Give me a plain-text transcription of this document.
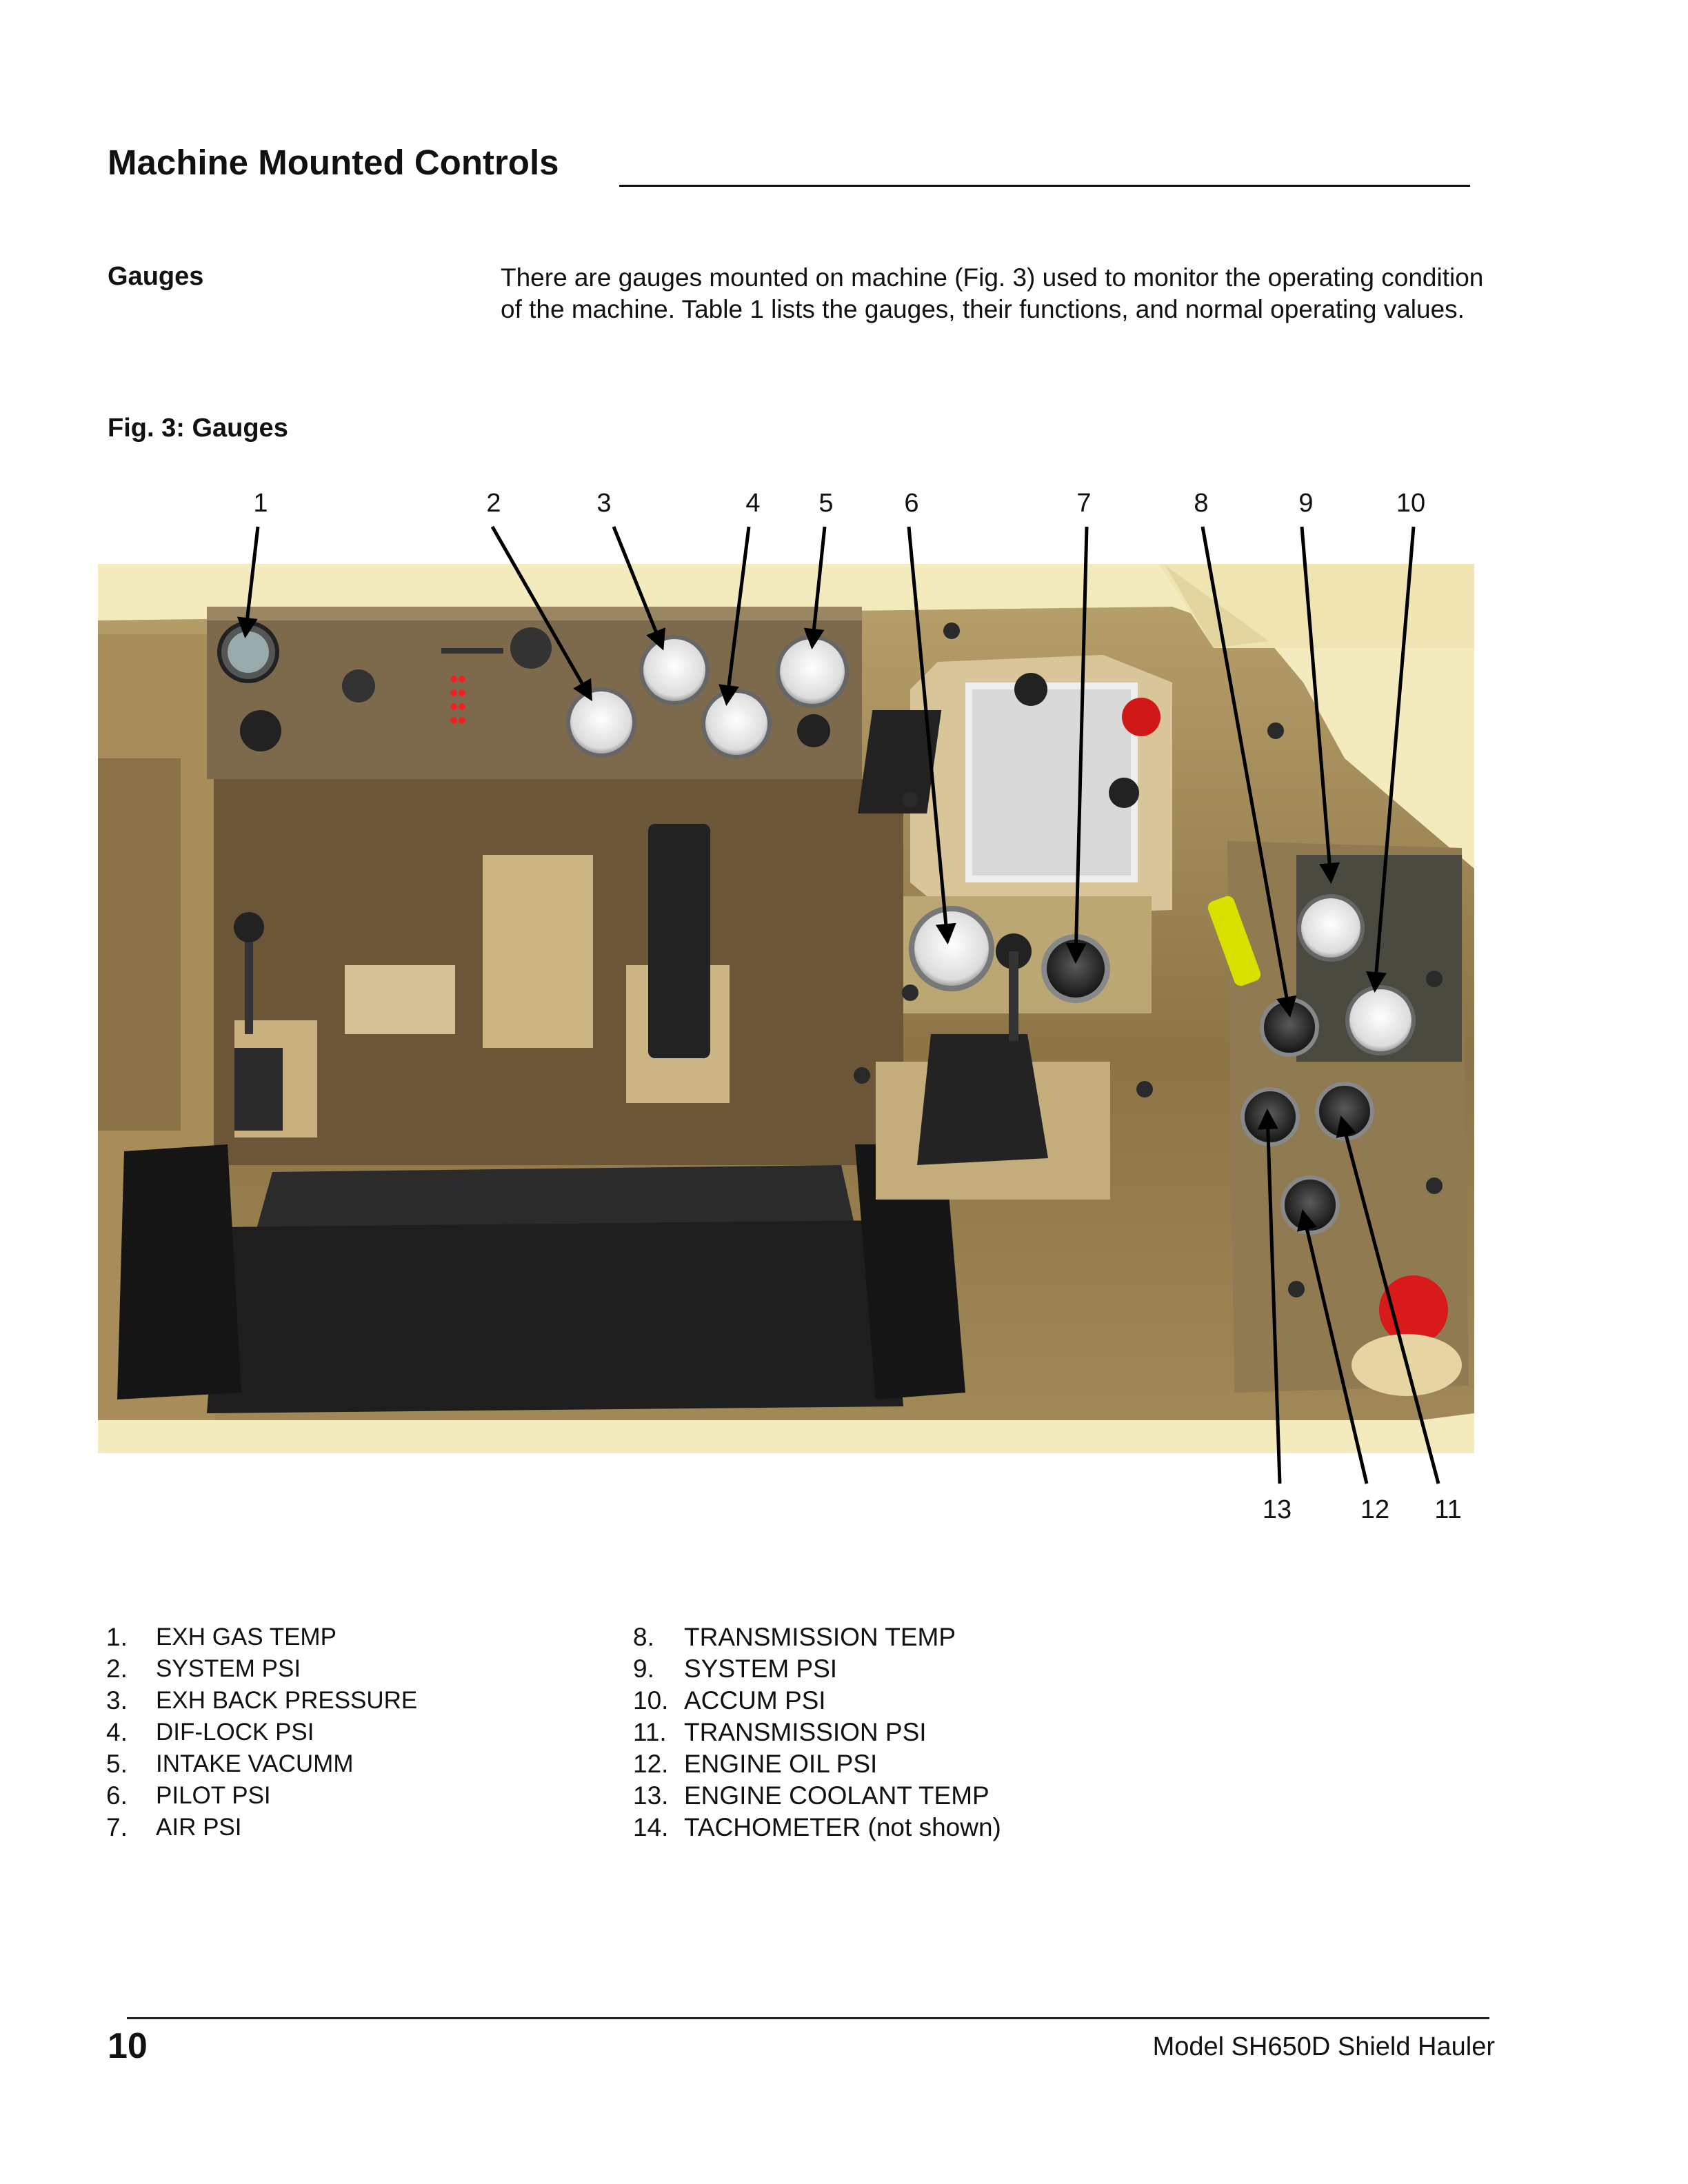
Machine Mounted Controls
Gauges	There are gauges mounted on machine (Fig. 3) used to monitor the operating condition of the machine. Table 1 lists the gauges, their functions, and normal operating values.
Fig. 3: Gauges
1	2	3	4 5	6	7	8	9	10
13	12 11
1.	EXH GAS TEMP
2.	SYSTEM PSI
3.	EXH BACK PRESSURE
4.	DIF-LOCK PSI
5.	INTAKE VACUMM
6.	PILOT PSI
7.	AIR PSI
8.	TRANSMISSION TEMP
9.	SYSTEM PSI
10. ACCUM PSI
11. TRANSMISSION PSI
12. ENGINE OIL PSI
13. ENGINE COOLANT TEMP
14. TACHOMETER (not shown)
10	Model SH650D Shield Hauler
